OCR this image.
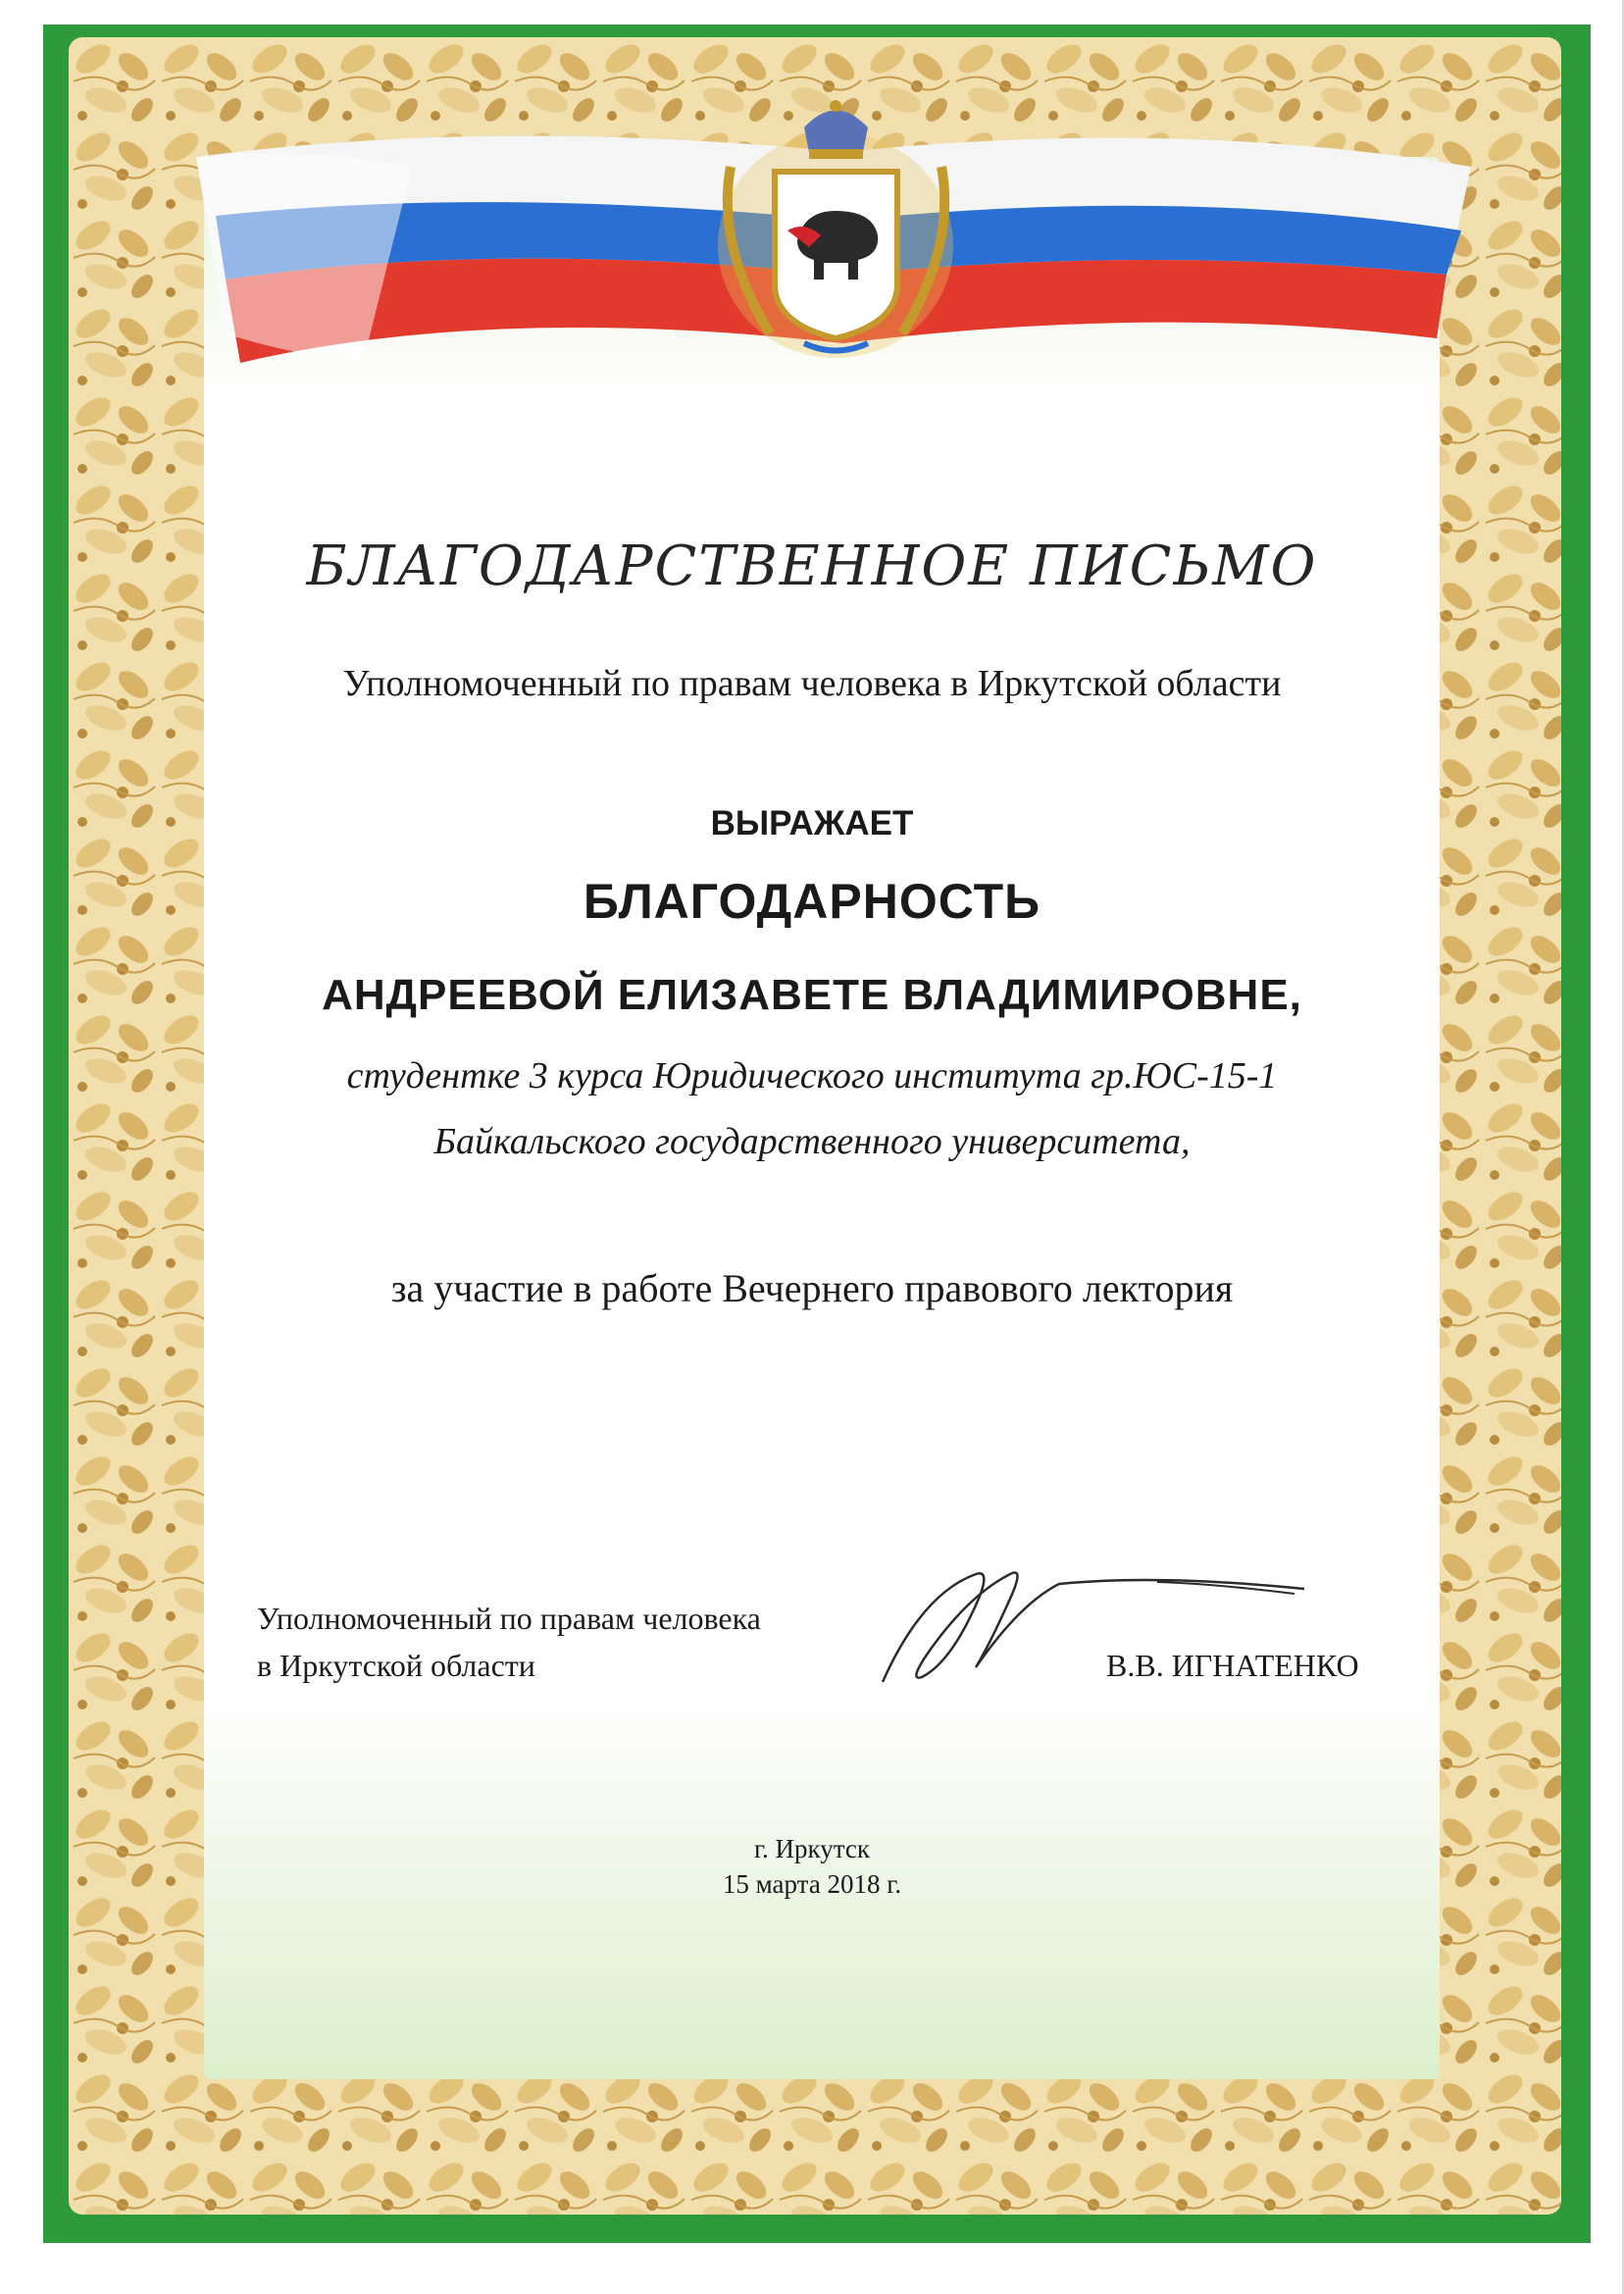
БЛАГОДАРСТВЕННОЕ ПИСЬМО
Уполномоченный по правам человека в Иркутской области
ВЫРАЖАЕТ
БЛАГОДАРНОСТЬ
АНДРЕЕВОЙ ЕЛИЗАВЕТЕ ВЛАДИМИРОВНЕ,
студентке 3 курса Юридического института гр.ЮС-15-1
Байкальского государственного университета,
за участие в работе Вечернего правового лектория
Уполномоченный по правам человека
в Иркутской области	В.В. ИГНАТЕНКО
г. Иркутск
15 марта 2018 г.
